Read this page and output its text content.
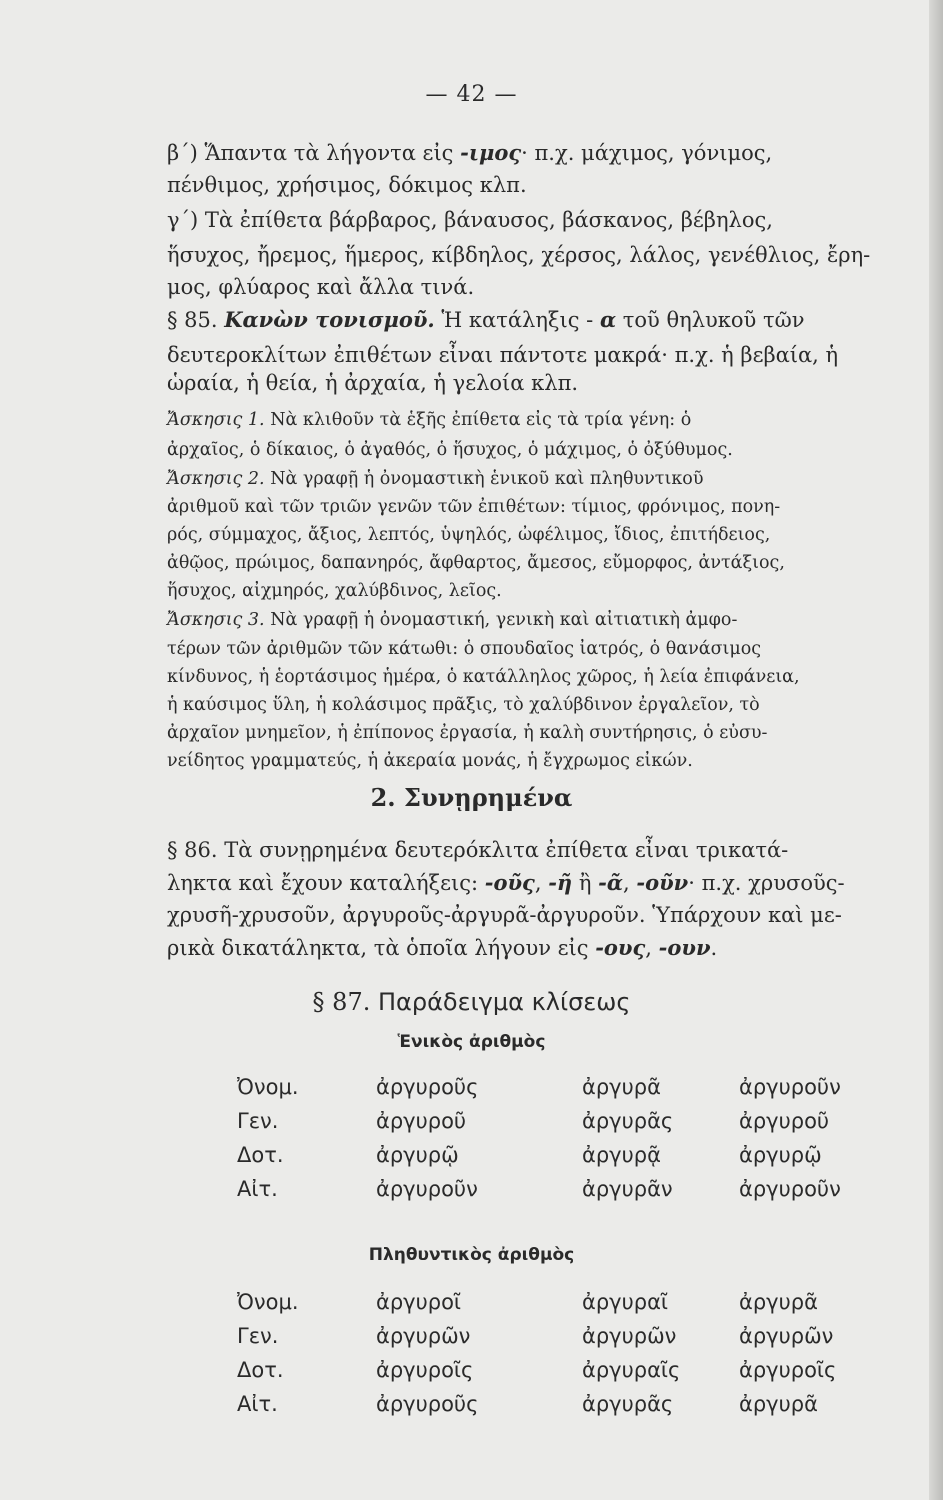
— 42 —
β΄) Ἅπαντα τὰ λήγοντα εἰς -ιμος· π.χ. μάχιμος, γόνιμος,
πένθιμος, χρήσιμος, δόκιμος κλπ.
γ΄) Τὰ ἐπίθετα βάρβαρος, βάναυσος, βάσκανος, βέβηλος,
ἥσυχος, ἤρεμος, ἥμερος, κίβδηλος, χέρσος, λάλος, γενέθλιος, ἔρη-
μος, φλύαρος καὶ ἄλλα τινά.
§ 85. Κανὼν τονισμοῦ. Ἡ κατάληξις - α τοῦ θηλυκοῦ τῶν
δευτεροκλίτων ἐπιθέτων εἶναι πάντοτε μακρά· π.χ. ἡ βεβαία, ἡ
ὡραία, ἡ θεία, ἡ ἀρχαία, ἡ γελοία κλπ.
Ἄσκησις 1. Νὰ κλιθοῦν τὰ ἑξῆς ἐπίθετα εἰς τὰ τρία γένη: ὁ
ἀρχαῖος, ὁ δίκαιος, ὁ ἀγαθός, ὁ ἥσυχος, ὁ μάχιμος, ὁ ὀξύθυμος.
Ἄσκησις 2. Νὰ γραφῇ ἡ ὀνομαστικὴ ἑνικοῦ καὶ πληθυντικοῦ
ἀριθμοῦ καὶ τῶν τριῶν γενῶν τῶν ἐπιθέτων: τίμιος, φρόνιμος, πονη-
ρός, σύμμαχος, ἄξιος, λεπτός, ὑψηλός, ὠφέλιμος, ἴδιος, ἐπιτήδειος,
ἀθῷος, πρώιμος, δαπανηρός, ἄφθαρτος, ἄμεσος, εὔμορφος, ἀντάξιος,
ἥσυχος, αἰχμηρός, χαλύβδινος, λεῖος.
Ἄσκησις 3. Νὰ γραφῇ ἡ ὀνομαστική, γενικὴ καὶ αἰτιατικὴ ἀμφο-
τέρων τῶν ἀριθμῶν τῶν κάτωθι: ὁ σπουδαῖος ἰατρός, ὁ θανάσιμος
κίνδυνος, ἡ ἑορτάσιμος ἡμέρα, ὁ κατάλληλος χῶρος, ἡ λεία ἐπιφάνεια,
ἡ καύσιμος ὕλη, ἡ κολάσιμος πρᾶξις, τὸ χαλύβδινον ἐργαλεῖον, τὸ
ἀρχαῖον μνημεῖον, ἡ ἐπίπονος ἐργασία, ἡ καλὴ συντήρησις, ὁ εὐσυ-
νείδητος γραμματεύς, ἡ ἀκεραία μονάς, ἡ ἔγχρωμος εἰκών.
2. Συνῃρημένα
§ 86. Τὰ συνῃρημένα δευτερόκλιτα ἐπίθετα εἶναι τρικατά-
ληκτα καὶ ἔχουν καταλήξεις: -οῦς, -ῆ ἢ -ᾶ, -οῦν· π.χ. χρυσοῦς-
χρυσῆ-χρυσοῦν, ἀργυροῦς-ἀργυρᾶ-ἀργυροῦν. Ὑπάρχουν καὶ με-
ρικὰ δικατάληκτα, τὰ ὁποῖα λήγουν εἰς -ους, -ουν.
§ 87. Παράδειγμα κλίσεως
Ἑνικὸς ἀριθμὸς
Ὀνομ.	ἀργυροῦς	ἀργυρᾶ	ἀργυροῦν
Γεν.	ἀργυροῦ	ἀργυρᾶς	ἀργυροῦ
Δοτ.	ἀργυρῷ	ἀργυρᾷ	ἀργυρῷ
Αἰτ.	ἀργυροῦν	ἀργυρᾶν	ἀργυροῦν
Πληθυντικὸς ἀριθμὸς
Ὀνομ.	ἀργυροῖ	ἀργυραῖ	ἀργυρᾶ
Γεν.	ἀργυρῶν	ἀργυρῶν	ἀργυρῶν
Δοτ.	ἀργυροῖς	ἀργυραῖς	ἀργυροῖς
Αἰτ.	ἀργυροῦς	ἀργυρᾶς	ἀργυρᾶ
